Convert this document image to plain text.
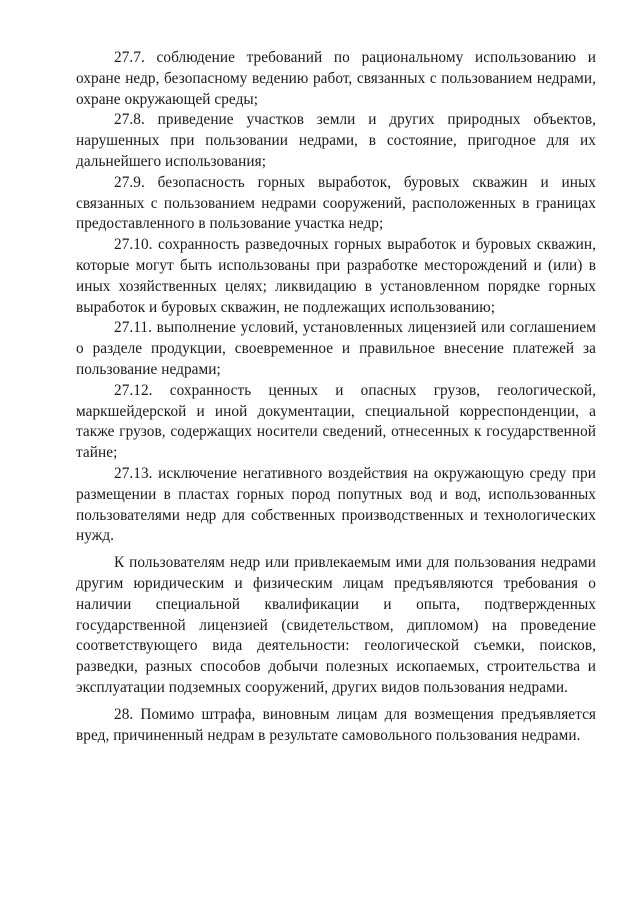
27.7. соблюдение требований по рациональному использованию и охране недр, безопасному ведению работ, связанных с пользованием недрами, охране окружающей среды;

27.8. приведение участков земли и других природных объектов, нарушенных при пользовании недрами, в состояние, пригодное для их дальнейшего использования;

27.9. безопасность горных выработок, буровых скважин и иных связанных с пользованием недрами сооружений, расположенных в границах предоставленного в пользование участка недр;

27.10. сохранность разведочных горных выработок и буровых скважин, которые могут быть использованы при разработке месторождений и (или) в иных хозяйственных целях; ликвидацию в установленном порядке горных выработок и буровых скважин, не подлежащих использованию;

27.11. выполнение условий, установленных лицензией или соглашением о разделе продукции, своевременное и правильное внесение платежей за пользование недрами;

27.12. сохранность ценных и опасных грузов, геологической, маркшейдерской и иной документации, специальной корреспонденции, а также грузов, содержащих носители сведений, отнесенных к государственной тайне;

27.13. исключение негативного воздействия на окружающую среду при размещении в пластах горных пород попутных вод и вод, использованных пользователями недр для собственных производственных и технологических нужд.

К пользователям недр или привлекаемым ими для пользования недрами другим юридическим и физическим лицам предъявляются требования о наличии специальной квалификации и опыта, подтвержденных государственной лицензией (свидетельством, дипломом) на проведение соответствующего вида деятельности: геологической съемки, поисков, разведки, разных способов добычи полезных ископаемых, строительства и эксплуатации подземных сооружений, других видов пользования недрами.

28. Помимо штрафа, виновным лицам для возмещения предъявляется вред, причиненный недрам в результате самовольного пользования недрами.
